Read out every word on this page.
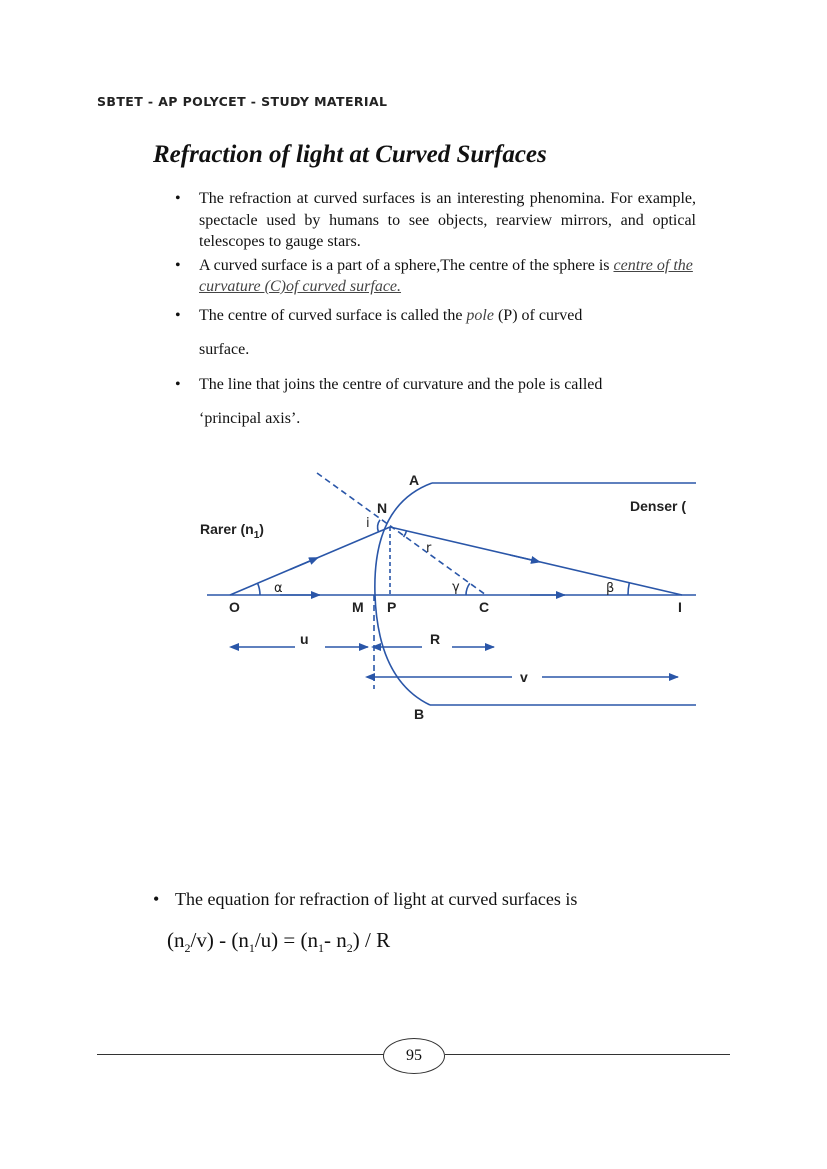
SBTET - AP POLYCET - STUDY MATERIAL
Refraction of light at Curved Surfaces
• The refraction at curved surfaces is an interesting phenomina. For example, spectacle used by humans to see objects, rearview mirrors, and optical telescopes to gauge stars.
• A curved surface is a part of a sphere,The centre of the sphere is centre of the curvature (C)of curved surface.
• The centre of curved surface is called the pole (P) of curved
surface.
• The line that joins the centre of curvature and the pole is called
‘principal axis’.
A
N
O	M P	C	I
B
u	R
v
Rarer $(n_1)$
Denser (
i
r
α	γ	β
• The equation for refraction of light at curved surfaces is
$(n_2/v) - (n_1/u) = (n_1-$ $n_2$) / R
95
